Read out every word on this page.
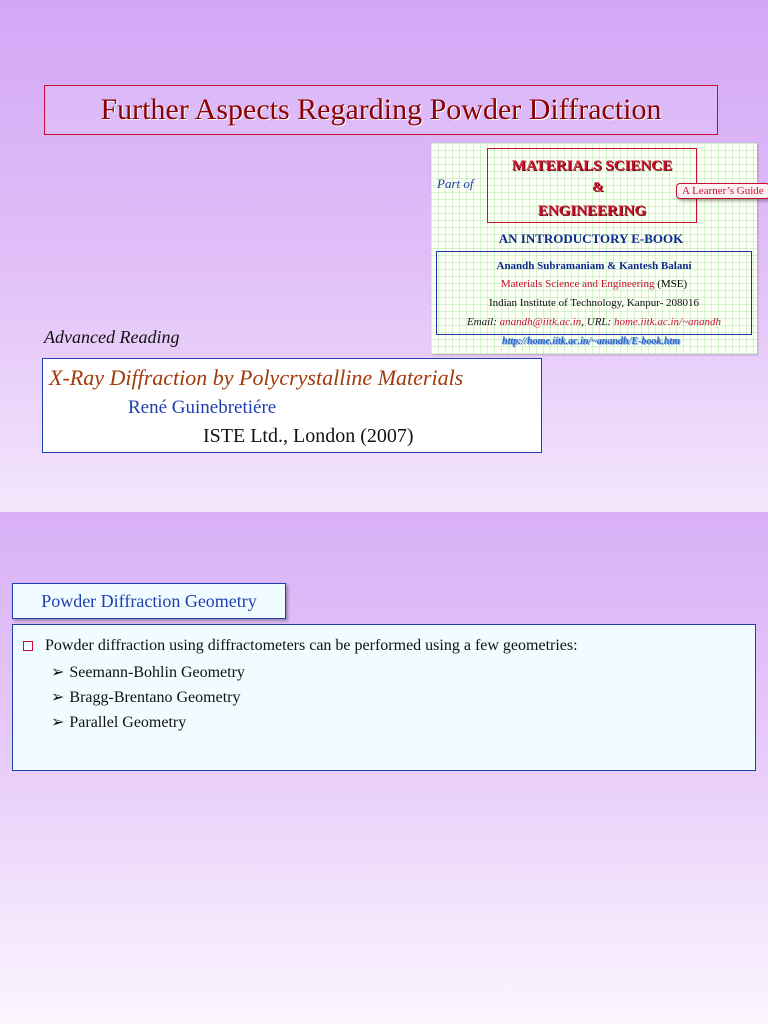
Further Aspects Regarding Powder Diffraction
Part of
MATERIALS SCIENCE
&
ENGINEERING
A Learner’s Guide
AN INTRODUCTORY E-BOOK
Anandh Subramaniam & Kantesh Balani
Materials Science and Engineering (MSE)
Indian Institute of Technology, Kanpur- 208016
Email: anandh@iitk.ac.in, URL: home.iitk.ac.in/~anandh
http://home.iitk.ac.in/~anandh/E-book.htm
Advanced Reading
X-Ray Diffraction by Polycrystalline Materials
René Guinebretiére
ISTE Ltd., London (2007)
Powder Diffraction Geometry
Powder diffraction using diffractometers can be performed using a few geometries:
➢ Seemann-Bohlin Geometry
➢ Bragg-Brentano Geometry
➢ Parallel Geometry
